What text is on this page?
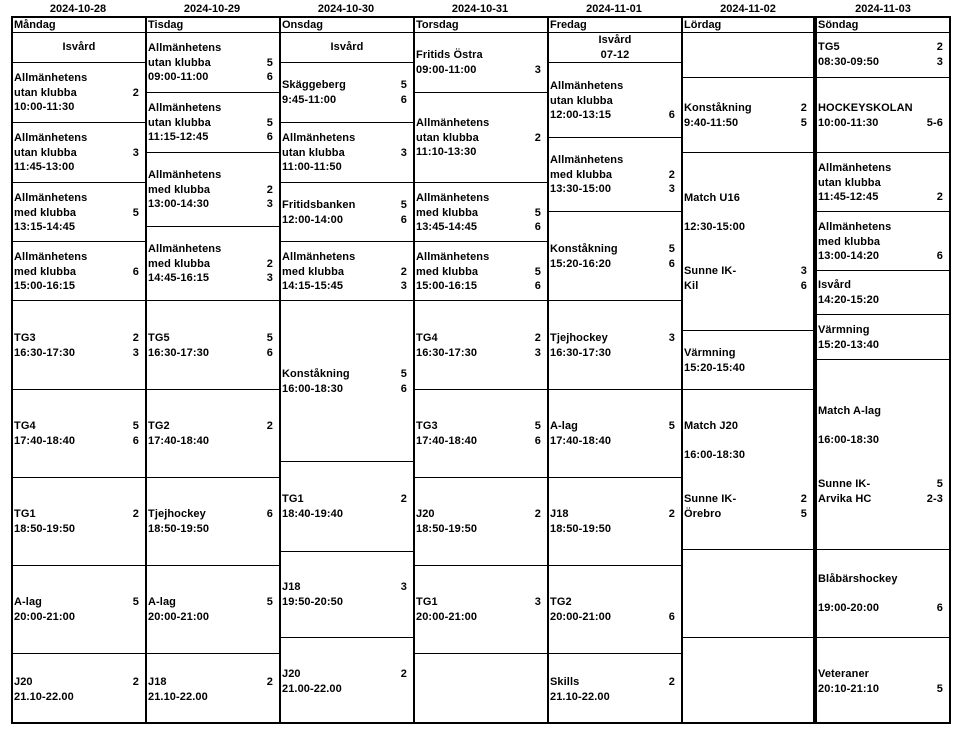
2024-10-28	2024-10-29	2024-10-30	2024-10-31	2024-11-01	2024-11-02	2024-11-03
Måndag
Isvård
Allmänhetens
utan klubba	2
10:00-11:30
Allmänhetens
utan klubba	3
11:45-13:00
Allmänhetens
med klubba	5
13:15-14:45
Allmänhetens
med klubba	6
15:00-16:15
TG3	2
16:30-17:30	3
TG4	5
17:40-18:40	6
TG1	2
18:50-19:50
A-lag	5
20:00-21:00
J20	2
21.10-22.00
Tisdag
Allmänhetens
utan klubba	5
09:00-11:00	6
Allmänhetens
utan klubba	5
11:15-12:45	6
Allmänhetens
med klubba	2
13:00-14:30	3
Allmänhetens
med klubba	2
14:45-16:15	3
TG5	5
16:30-17:30	6
TG2	2
17:40-18:40
Tjejhockey	6
18:50-19:50
A-lag	5
20:00-21:00
J18	2
21.10-22.00
Onsdag
Isvård
Skäggeberg	5
9:45-11:00	6
Allmänhetens
utan klubba	3
11:00-11:50
Fritidsbanken	5
12:00-14:00	6
Allmänhetens
med klubba	2
14:15-15:45	3
Konståkning	5
16:00-18:30	6
TG1	2
18:40-19:40
J18	3
19:50-20:50
J20	2
21.00-22.00
Torsdag
Fritids Östra
09:00-11:00	3
Allmänhetens
utan klubba	2
11:10-13:30
Allmänhetens
med klubba	5
13:45-14:45	6
Allmänhetens
med klubba	5
15:00-16:15	6
TG4	2
16:30-17:30	3
TG3	5
17:40-18:40	6
J20	2
18:50-19:50
TG1	3
20:00-21:00
Fredag
Isvård
07-12
Allmänhetens
utan klubba
12:00-13:15	6
Allmänhetens
med klubba	2
13:30-15:00	3
Konståkning	5
15:20-16:20	6
Tjejhockey	3
16:30-17:30
A-lag	5
17:40-18:40
J18	2
18:50-19:50
TG2
20:00-21:00	6
Skills	2
21.10-22.00
Lördag
Konståkning	2
9:40-11:50	5
Match U16
12:30-15:00
Sunne IK-	3
Kil	6
Värmning
15:20-15:40
Match J20
16:00-18:30
Sunne IK-	2
Örebro	5
Söndag
TG5	2
08:30-09:50	3
HOCKEYSKOLAN
10:00-11:30	5-6
Allmänhetens
utan klubba
11:45-12:45	2
Allmänhetens
med klubba
13:00-14:20	6
Isvård
14:20-15:20
Värmning
15:20-13:40
Match A-lag
16:00-18:30
Sunne IK-	5
Arvika HC	2-3
Blåbärshockey
19:00-20:00	6
Veteraner
20:10-21:10	5
